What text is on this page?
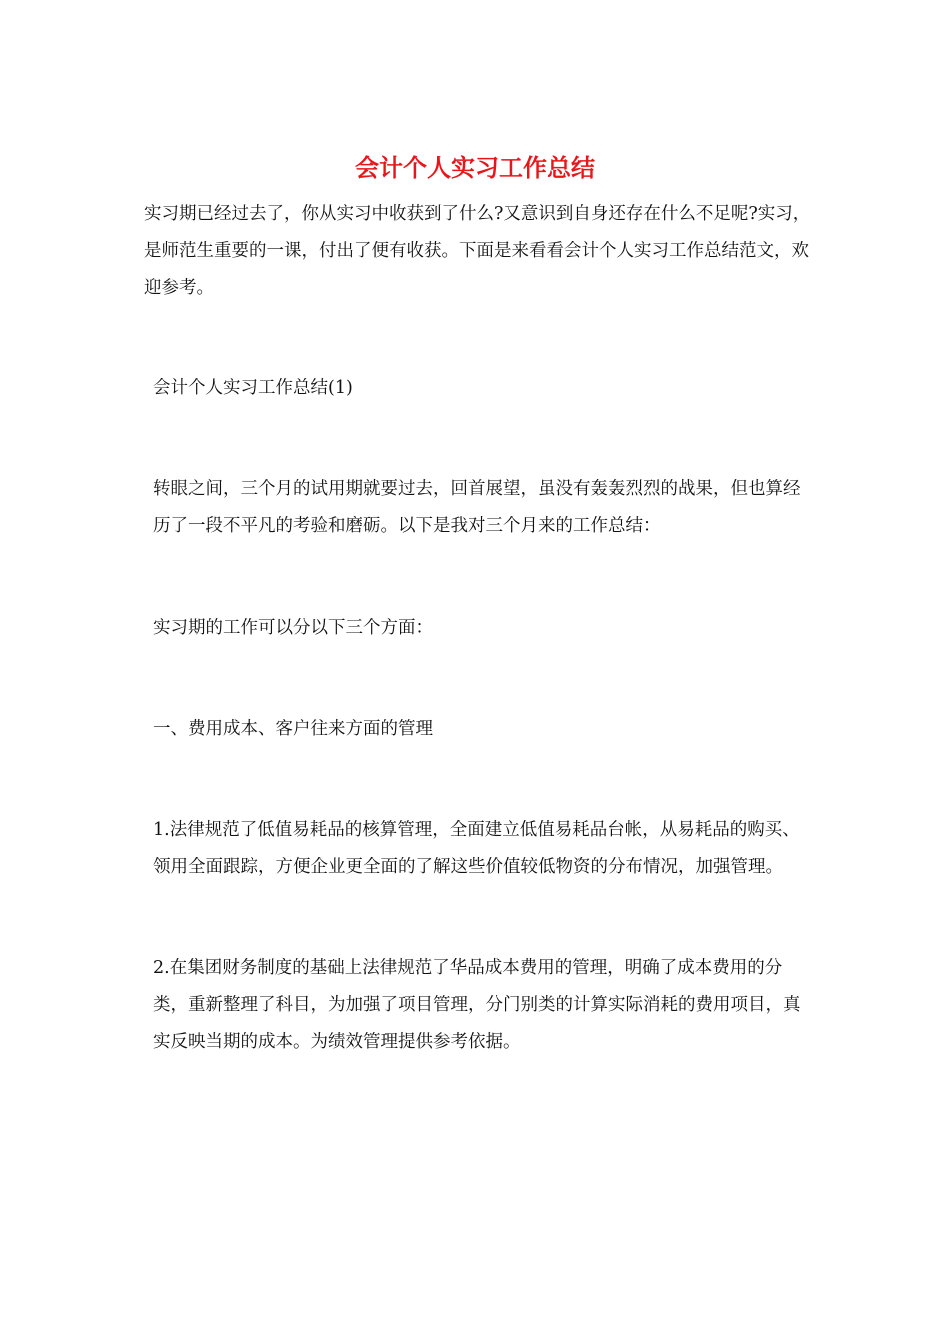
会计个人实习工作总结

实习期已经过去了，你从实习中收获到了什么?又意识到自身还存在什么不足呢?实习，是师范生重要的一课，付出了便有收获。下面是来看看会计个人实习工作总结范文，欢迎参考。

会计个人实习工作总结(1)

转眼之间，三个月的试用期就要过去，回首展望，虽没有轰轰烈烈的战果，但也算经历了一段不平凡的考验和磨砺。以下是我对三个月来的工作总结：

实习期的工作可以分以下三个方面：

一、费用成本、客户往来方面的管理

1.法律规范了低值易耗品的核算管理，全面建立低值易耗品台帐，从易耗品的购买、领用全面跟踪，方便企业更全面的了解这些价值较低物资的分布情况，加强管理。

2.在集团财务制度的基础上法律规范了华品成本费用的管理，明确了成本费用的分类，重新整理了科目，为加强了项目管理，分门别类的计算实际消耗的费用项目，真实反映当期的成本。为绩效管理提供参考依据。
